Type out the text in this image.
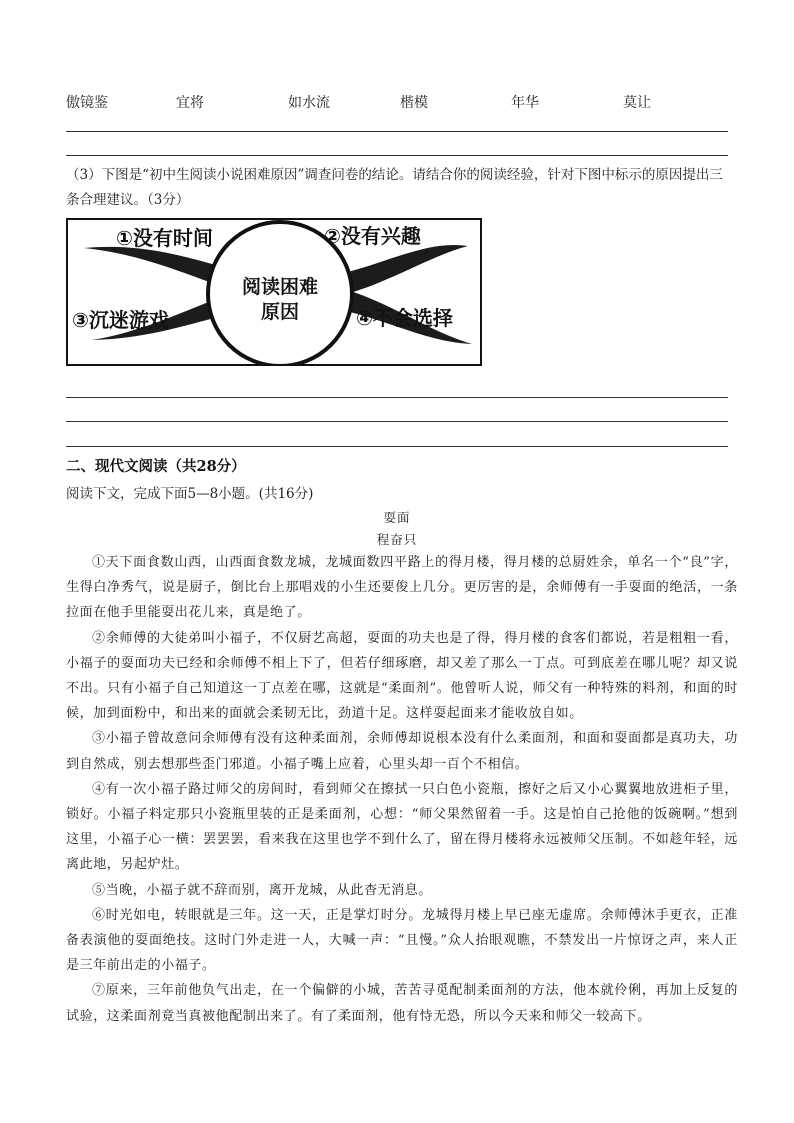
傲镜鉴	宜将	如水流	楷模	年华	莫让
（3）下图是“初中生阅读小说困难原因”调查问卷的结论。请结合你的阅读经验，针对下图中标示的原因提出三条合理建议。（3分）
阅读困难
原因
①没有时间	②没有兴趣
③沉迷游戏	④不会选择
二、现代文阅读（共28分）
阅读下文，完成下面5—8小题。(共16分)
耍面
程奋只

①天下面食数山西，山西面食数龙城，龙城面数四平路上的得月楼，得月楼的总厨姓余，单名一个“良”字，生得白净秀气，说是厨子，倒比台上那唱戏的小生还要俊上几分。更厉害的是，余师傅有一手耍面的绝活，一条拉面在他手里能耍出花儿来，真是绝了。

②余师傅的大徒弟叫小福子，不仅厨艺高超，耍面的功夫也是了得，得月楼的食客们都说，若是粗粗一看，小福子的耍面功夫已经和余师傅不相上下了，但若仔细琢磨，却又差了那么一丁点。可到底差在哪儿呢？却又说不出。只有小福子自己知道这一丁点差在哪，这就是“柔面剂”。他曾听人说，师父有一种特殊的料剂，和面的时候，加到面粉中，和出来的面就会柔韧无比，劲道十足。这样耍起面来才能收放自如。

③小福子曾故意问余师傅有没有这种柔面剂，余师傅却说根本没有什么柔面剂，和面和耍面都是真功夫，功到自然成，别去想那些歪门邪道。小福子嘴上应着，心里头却一百个不相信。

④有一次小福子路过师父的房间时，看到师父在擦拭一只白色小瓷瓶，擦好之后又小心翼翼地放进柜子里，锁好。小福子料定那只小瓷瓶里装的正是柔面剂，心想：“师父果然留着一手。这是怕自己抢他的饭碗啊。”想到这里，小福子心一横：罢罢罢，看来我在这里也学不到什么了，留在得月楼将永远被师父压制。不如趁年轻，远离此地，另起炉灶。

⑤当晚，小福子就不辞而别，离开龙城，从此杳无消息。

⑥时光如电，转眼就是三年。这一天，正是掌灯时分。龙城得月楼上早已座无虚席。余师傅沐手更衣，正准备表演他的耍面绝技。这时门外走进一人，大喊一声：“且慢。”众人抬眼观瞧，不禁发出一片惊讶之声，来人正是三年前出走的小福子。

⑦原来，三年前他负气出走，在一个偏僻的小城，苦苦寻觅配制柔面剂的方法，他本就伶俐，再加上反复的试验，这柔面剂竟当真被他配制出来了。有了柔面剂，他有恃无恐，所以今天来和师父一较高下。
